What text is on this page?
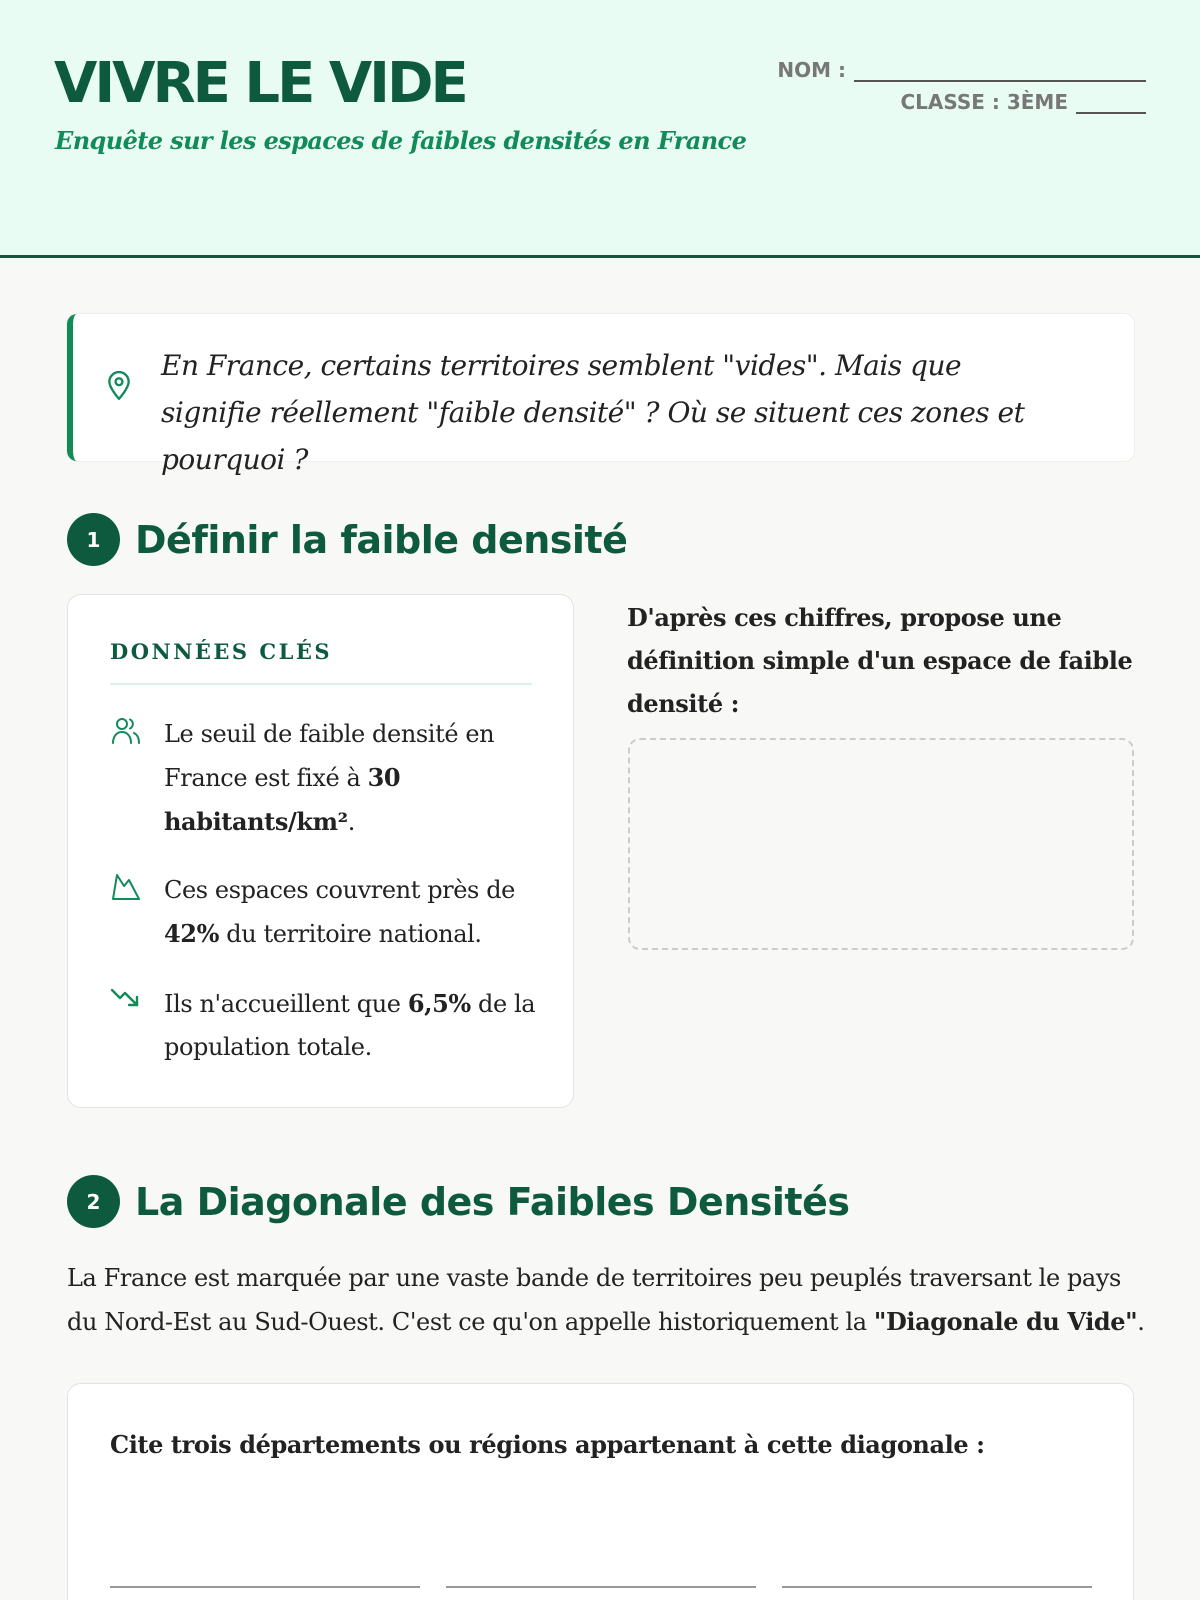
VIVRE LE VIDE
Enquête sur les espaces de faibles densités en France
NOM :
CLASSE : 3ÈME
En France, certains territoires semblent "vides". Mais que signifie réellement "faible densité" ? Où se situent ces zones et pourquoi ?
1 Définir la faible densité
DONNÉES CLÉS
Le seuil de faible densité en France est fixé à 30 habitants/km².
Ces espaces couvrent près de 42% du territoire national.
Ils n'accueillent que 6,5% de la population totale.
D'après ces chiffres, propose une définition simple d'un espace de faible densité :
2 La Diagonale des Faibles Densités
La France est marquée par une vaste bande de territoires peu peuplés traversant le pays du Nord-Est au Sud-Ouest. C'est ce qu'on appelle historiquement la "Diagonale du Vide".
Cite trois départements ou régions appartenant à cette diagonale :
